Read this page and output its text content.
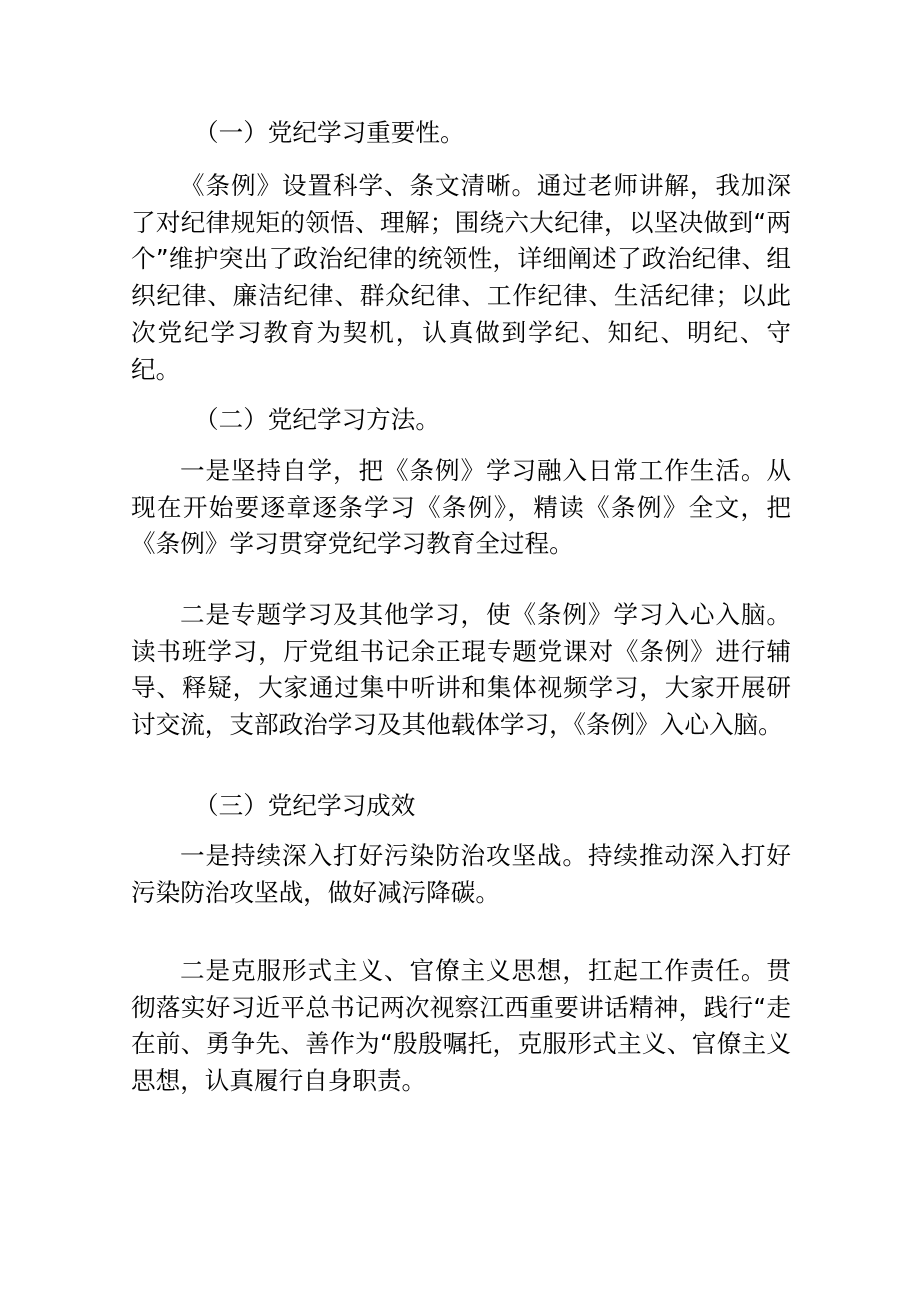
（一）党纪学习重要性。

《条例》设置科学、条文清晰。通过老师讲解，我加深了对纪律规矩的领悟、理解；围绕六大纪律，以坚决做到“两个”维护突出了政治纪律的统领性，详细阐述了政治纪律、组织纪律、廉洁纪律、群众纪律、工作纪律、生活纪律；以此次党纪学习教育为契机，认真做到学纪、知纪、明纪、守纪。

（二）党纪学习方法。

一是坚持自学，把《条例》学习融入日常工作生活。从现在开始要逐章逐条学习《条例》，精读《条例》全文，把《条例》学习贯穿党纪学习教育全过程。

二是专题学习及其他学习，使《条例》学习入心入脑。读书班学习，厅党组书记余正琨专题党课对《条例》进行辅导、释疑，大家通过集中听讲和集体视频学习，大家开展研讨交流，支部政治学习及其他载体学习，《条例》入心入脑。

（三）党纪学习成效

一是持续深入打好污染防治攻坚战。持续推动深入打好污染防治攻坚战，做好减污降碳。

二是克服形式主义、官僚主义思想，扛起工作责任。贯彻落实好习近平总书记两次视察江西重要讲话精神，践行“走在前、勇争先、善作为“殷殷嘱托，克服形式主义、官僚主义思想，认真履行自身职责。
